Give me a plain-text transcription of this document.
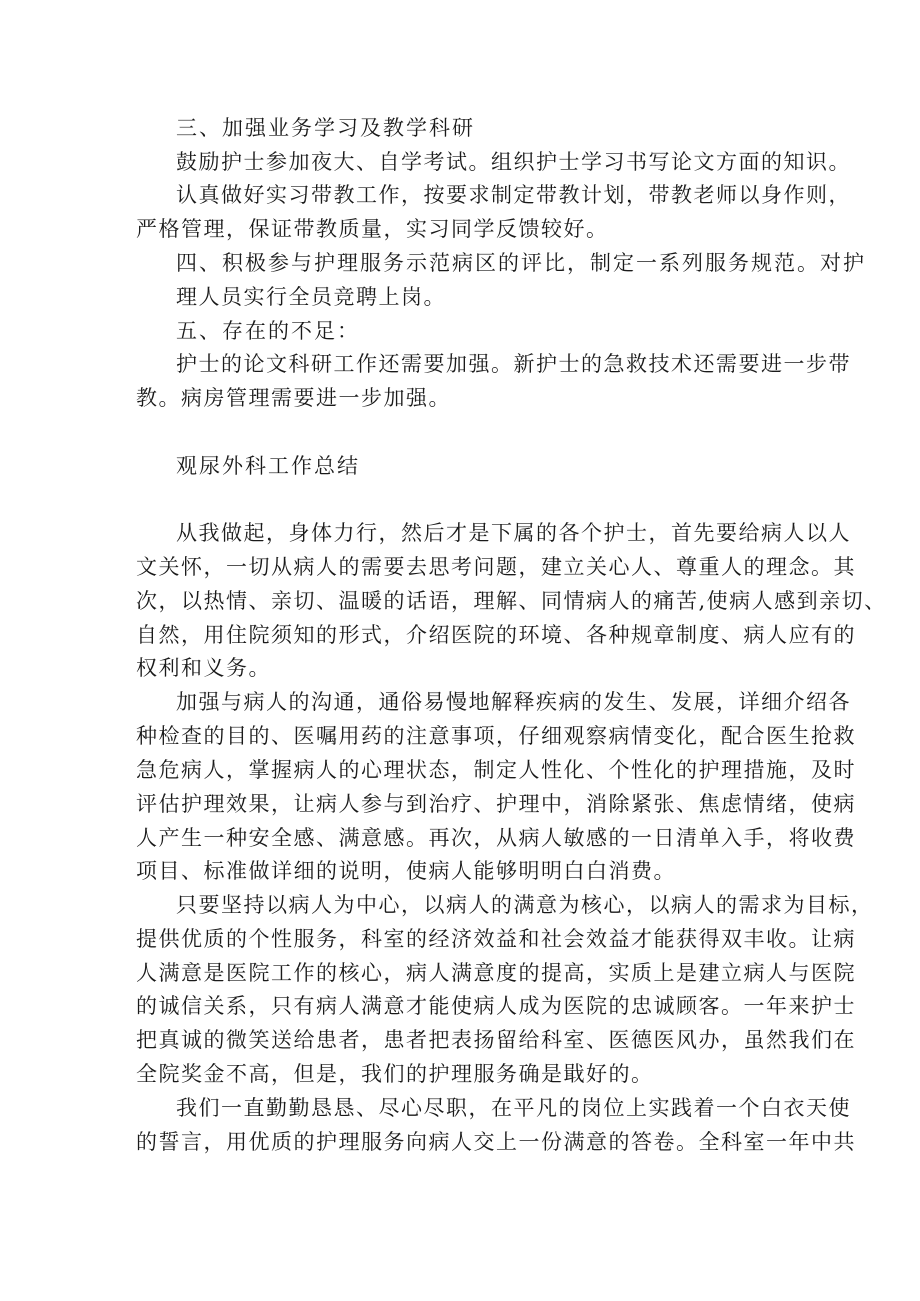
三、加强业务学习及教学科研
鼓励护士参加夜大、自学考试。组织护士学习书写论文方面的知识。
认真做好实习带教工作，按要求制定带教计划，带教老师以身作则，
严格管理，保证带教质量，实习同学反馈较好。
四、积极参与护理服务示范病区的评比，制定一系列服务规范。对护
理人员实行全员竞聘上岗。
五、存在的不足：
护士的论文科研工作还需要加强。新护士的急救技术还需要进一步带
教。病房管理需要进一步加强。
观尿外科工作总结
从我做起，身体力行，然后才是下属的各个护士，首先要给病人以人
文关怀，一切从病人的需要去思考问题，建立关心人、尊重人的理念。其
次，以热情、亲切、温暖的话语，理解、同情病人的痛苦,使病人感到亲切、
自然，用住院须知的形式，介绍医院的环境、各种规章制度、病人应有的
权利和义务。
加强与病人的沟通，通俗易慢地解释疾病的发生、发展，详细介绍各
种检查的目的、医嘱用药的注意事项，仔细观察病情变化，配合医生抢救
急危病人，掌握病人的心理状态，制定人性化、个性化的护理措施，及时
评估护理效果，让病人参与到治疗、护理中，消除紧张、焦虑情绪，使病
人产生一种安全感、满意感。再次，从病人敏感的一日清单入手，将收费
项目、标准做详细的说明，使病人能够明明白白消费。
只要坚持以病人为中心，以病人的满意为核心，以病人的需求为目标，
提供优质的个性服务，科室的经济效益和社会效益才能获得双丰收。让病
人满意是医院工作的核心，病人满意度的提高，实质上是建立病人与医院
的诚信关系，只有病人满意才能使病人成为医院的忠诚顾客。一年来护士
把真诚的微笑送给患者，患者把表扬留给科室、医德医风办，虽然我们在
全院奖金不高，但是，我们的护理服务确是戢好的。
我们一直勤勤恳恳、尽心尽职，在平凡的岗位上实践着一个白衣天使
的誓言，用优质的护理服务向病人交上一份满意的答卷。全科室一年中共
